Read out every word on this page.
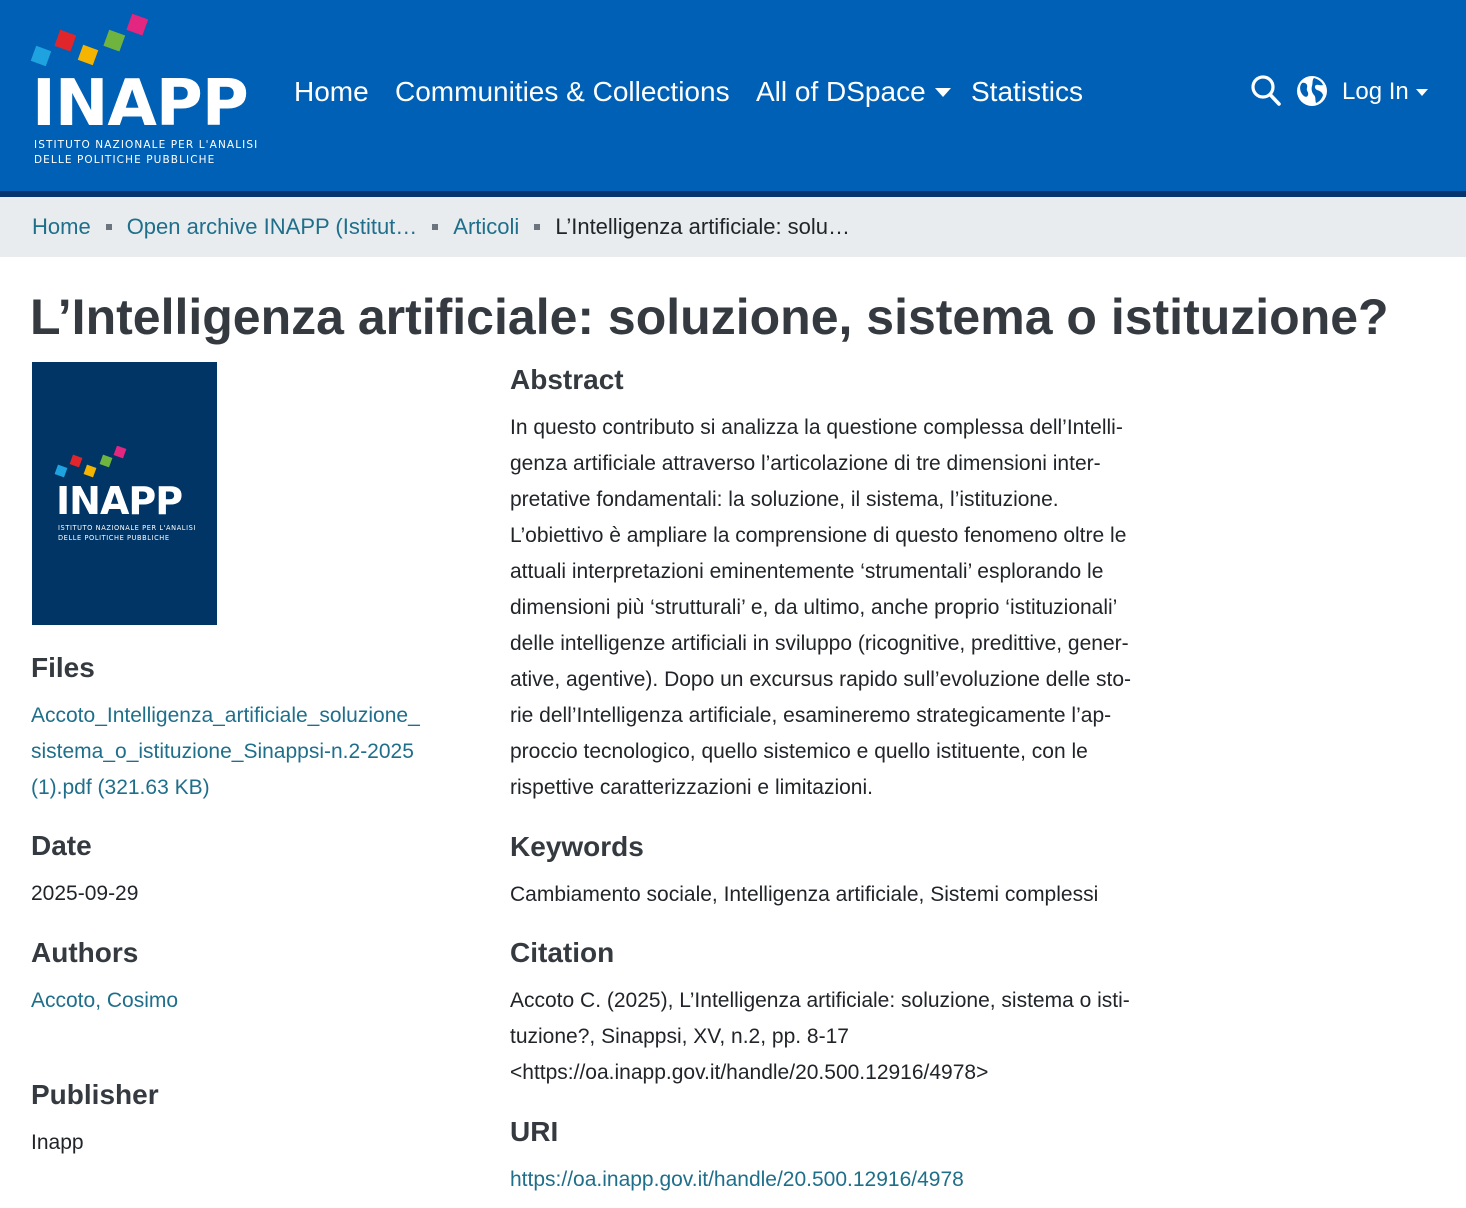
INAPP
ISTITUTO NAZIONALE PER L'ANALISI
DELLE POLITICHE PUBBLICHE
Home Communities & Collections All of DSpace Statistics	Log In
Home Open archive INAPP (Istitut… Articoli L’Intelligenza artificiale: solu…
L’Intelligenza artificiale: soluzione, sistema o istituzione?
INAPP
ISTITUTO NAZIONALE PER L'ANALISI
DELLE POLITICHE PUBBLICHE
Files
Accoto_Intelligenza_artificiale_soluzione_
sistema_o_istituzione_Sinappsi-n.2-2025
(1).pdf (321.63 KB)
Date
2025-09-29
Authors
Accoto, Cosimo
Publisher
Inapp
Abstract
In questo contributo si analizza la questione complessa dell’Intelli-
genza artificiale attraverso l’articolazione di tre dimensioni inter-
pretative fondamentali: la soluzione, il sistema, l’istituzione.
L’obiettivo è ampliare la comprensione di questo fenomeno oltre le
attuali interpretazioni eminentemente ‘strumentali’ esplorando le
dimensioni più ‘strutturali’ e, da ultimo, anche proprio ‘istituzionali’
delle intelligenze artificiali in sviluppo (ricognitive, predittive, gener-
ative, agentive). Dopo un excursus rapido sull’evoluzione delle sto-
rie dell’Intelligenza artificiale, esamineremo strategicamente l’ap-
proccio tecnologico, quello sistemico e quello istituente, con le
rispettive caratterizzazioni e limitazioni.
Keywords
Cambiamento sociale, Intelligenza artificiale, Sistemi complessi
Citation
Accoto C. (2025), L’Intelligenza artificiale: soluzione, sistema o isti-
tuzione?, Sinappsi, XV, n.2, pp. 8-17
<https://oa.inapp.gov.it/handle/20.500.12916/4978>
URI
https://oa.inapp.gov.it/handle/20.500.12916/4978
